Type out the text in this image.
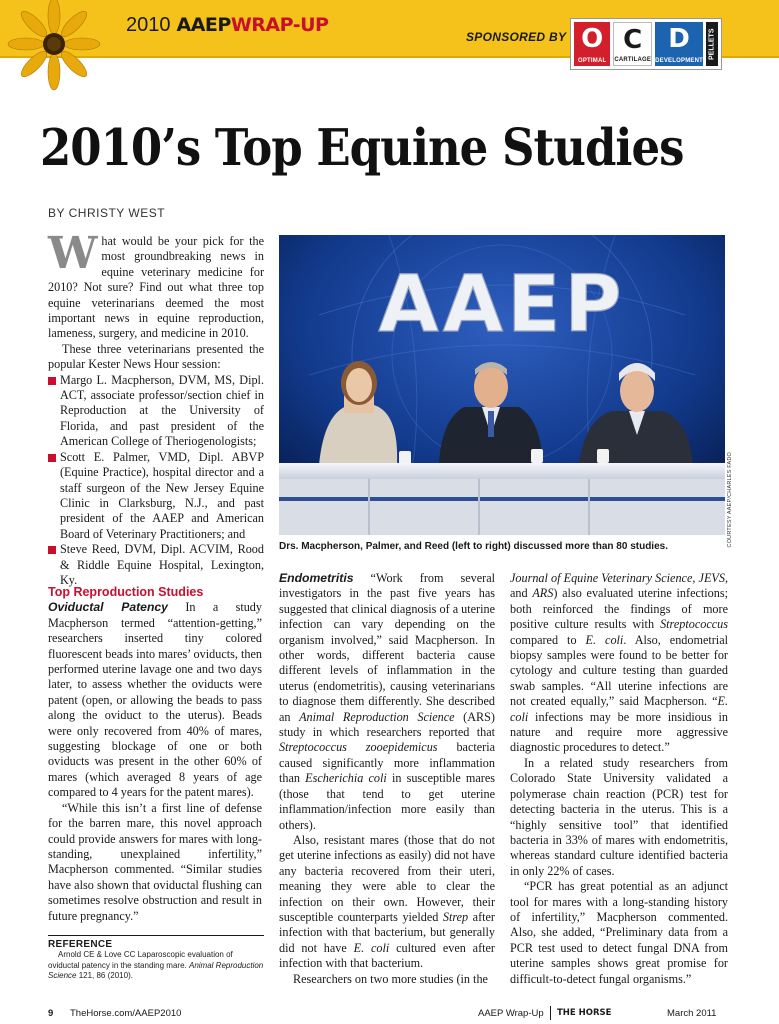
2010 AAEPWRAP-UP
SPONSORED BY O
OPTIMAL
C
CARTILAGE
D
DEVELOPMENT
PELLETS
2010’s Top Equine Studies
BY CHRISTY WEST

What would be your pick for the most groundbreaking news in equine veterinary medicine for 2010? Not sure? Find out what three top equine veterinarians deemed the most important news in equine reproduction, lameness, surgery, and medicine in 2010.

These three veterinarians presented the popular Kester News Hour session:

Margo L. Macpherson, DVM, MS, Dipl. ACT, associate professor/section chief in Reproduction at the University of Florida, and past president of the American College of Theriogenologists;
Scott E. Palmer, VMD, Dipl. ABVP (Equine Practice), hospital director and a staff surgeon of the New Jersey Equine Clinic in Clarksburg, N.J., and past president of the AAEP and American Board of Veterinary Practitioners; and
Steve Reed, DVM, Dipl. ACVIM, Rood & Riddle Equine Hospital, Lexington, Ky.
AAEP
COURTESY AAEP/CHARLES FADO
Drs. Macpherson, Palmer, and Reed (left to right) discussed more than 80 studies.
Top Reproduction Studies

Oviductal Patency In a study Macpherson termed “attention-getting,” researchers inserted tiny colored fluorescent beads into mares’ oviducts, then performed uterine lavage one and two days later, to assess whether the oviducts were patent (open, or allowing the beads to pass along the oviduct to the uterus). Beads were only recovered from 40% of mares, suggesting blockage of one or both oviducts was present in the other 60% of mares (which averaged 8 years of age compared to 4 years for the patent mares).

“While this isn’t a first line of defense for the barren mare, this novel approach could provide answers for mares with long-standing, unexplained infertility,” Macpherson commented. “Similar studies have also shown that oviductal flushing can sometimes resolve obstruction and result in future pregnancy.”

REFERENCE

Arnold CE & Love CC Laparoscopic evaluation of oviductal patency in the standing mare. Animal Reproduction Science 121, 86 (2010).

Endometritis “Work from several investigators in the past five years has suggested that clinical diagnosis of a uterine infection can vary depending on the organism involved,” said Macpherson. In other words, different bacteria cause different levels of inflammation in the uterus (endometritis), causing veterinarians to diagnose them differently. She described an Animal Reproduction Science (ARS) study in which researchers reported that Streptococcus zooepidemicus bacteria caused significantly more inflammation than Escherichia coli in susceptible mares (those that tend to get uterine inflammation/infection more easily than others).

Also, resistant mares (those that do not get uterine infections as easily) did not have any bacteria recovered from their uteri, meaning they were able to clear the infection on their own. However, their susceptible counterparts yielded Strep after infection with that bacterium, but generally did not have E. coli cultured even after infection with that bacterium.

Researchers on two more studies (in the

Journal of Equine Veterinary Science, JEVS, and ARS) also evaluated uterine infections; both reinforced the findings of more positive culture results with Streptococcus compared to E. coli. Also, endometrial biopsy samples were found to be better for cytology and culture testing than guarded swab samples. “All uterine infections are not created equally,” said Macpherson. “E. coli infections may be more insidious in nature and require more aggressive diagnostic procedures to detect.”

In a related study researchers from Colorado State University validated a polymerase chain reaction (PCR) test for detecting bacteria in the uterus. This is a “highly sensitive tool” that identified bacteria in 33% of mares with endometritis, whereas standard culture identified bacteria in only 22% of cases.

“PCR has great potential as an adjunct tool for mares with a long-standing history of infertility,” Macpherson commented. Also, she added, “Preliminary data from a PCR test used to detect fungal DNA from uterine samples shows great promise for difficult-to-detect fungal organisms.”

9 TheHorse.com/AAEP2010	AAEP Wrap-Up THE HORSE	March 2011
